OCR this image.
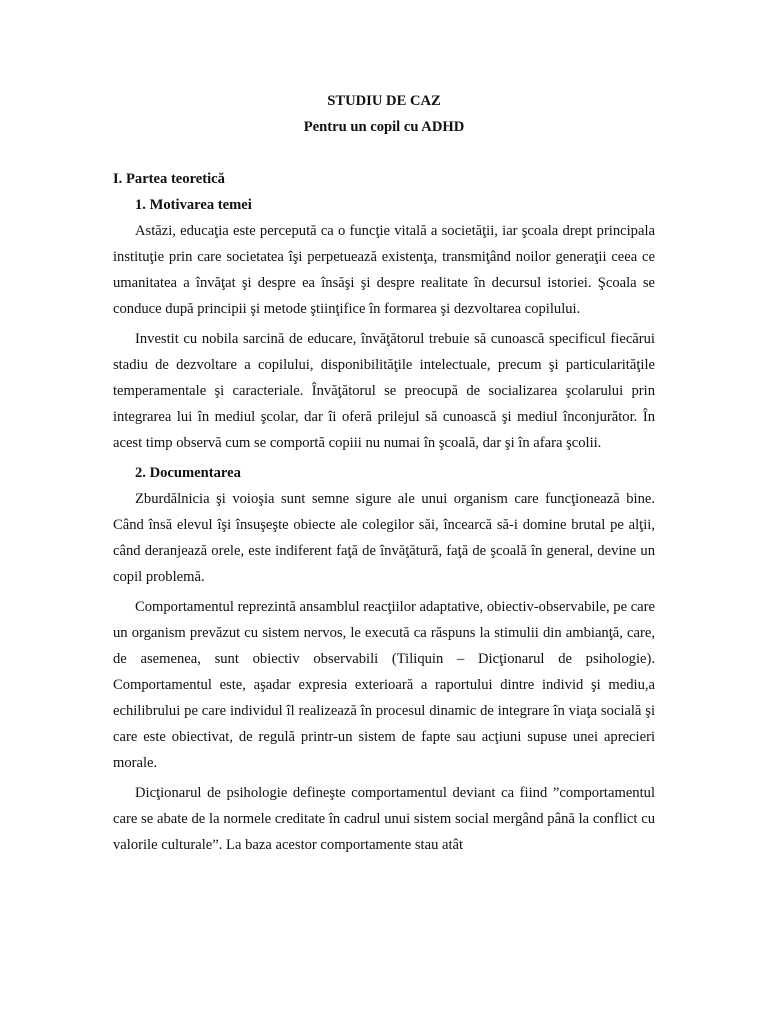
STUDIU DE CAZ

Pentru un copil cu ADHD

I. Partea teoretică

1. Motivarea temei

Astăzi, educaţia este percepută ca o funcţie vitală a societăţii, iar şcoala drept principala instituţie prin care societatea îşi perpetuează existenţa, transmiţând noilor generaţii ceea ce umanitatea a învăţat şi despre ea însăşi şi despre realitate în decursul istoriei. Şcoala se conduce după principii şi metode ştiinţifice în formarea şi dezvoltarea copilului.

Investit cu nobila sarcină de educare, învăţătorul trebuie să cunoască specificul fiecărui stadiu de dezvoltare a copilului, disponibilităţile intelectuale, precum şi particularităţile temperamentale şi caracteriale. Învăţătorul se preocupă de socializarea şcolarului prin integrarea lui în mediul şcolar, dar îi oferă prilejul să cunoască şi mediul înconjurător. În acest timp observă cum se comportă copiii nu numai în şcoală, dar şi în afara şcolii.

2. Documentarea

Zburdălnicia şi voioşia sunt semne sigure ale unui organism care funcţionează bine. Când însă elevul îşi însuşeşte obiecte ale colegilor săi, încearcă să-i domine brutal pe alţii, când deranjează orele, este indiferent faţă de învăţătură, faţă de şcoală în general, devine un copil problemă.

Comportamentul reprezintă ansamblul reacţiilor adaptative, obiectiv-observabile, pe care un organism prevăzut cu sistem nervos, le execută ca răspuns la stimulii din ambianţă, care, de asemenea, sunt obiectiv observabili (Tiliquin – Dicţionarul de psihologie). Comportamentul este, aşadar expresia exterioară a raportului dintre individ şi mediu,a echilibrului pe care individul îl realizează în procesul dinamic de integrare în viaţa socială şi care este obiectivat, de regulă printr-un sistem de fapte sau acţiuni supuse unei aprecieri morale.

Dicţionarul de psihologie defineşte comportamentul deviant ca fiind ”comportamentul care se abate de la normele creditate în cadrul unui sistem social mergând până la conflict cu valorile culturale”. La baza acestor comportamente stau atât
